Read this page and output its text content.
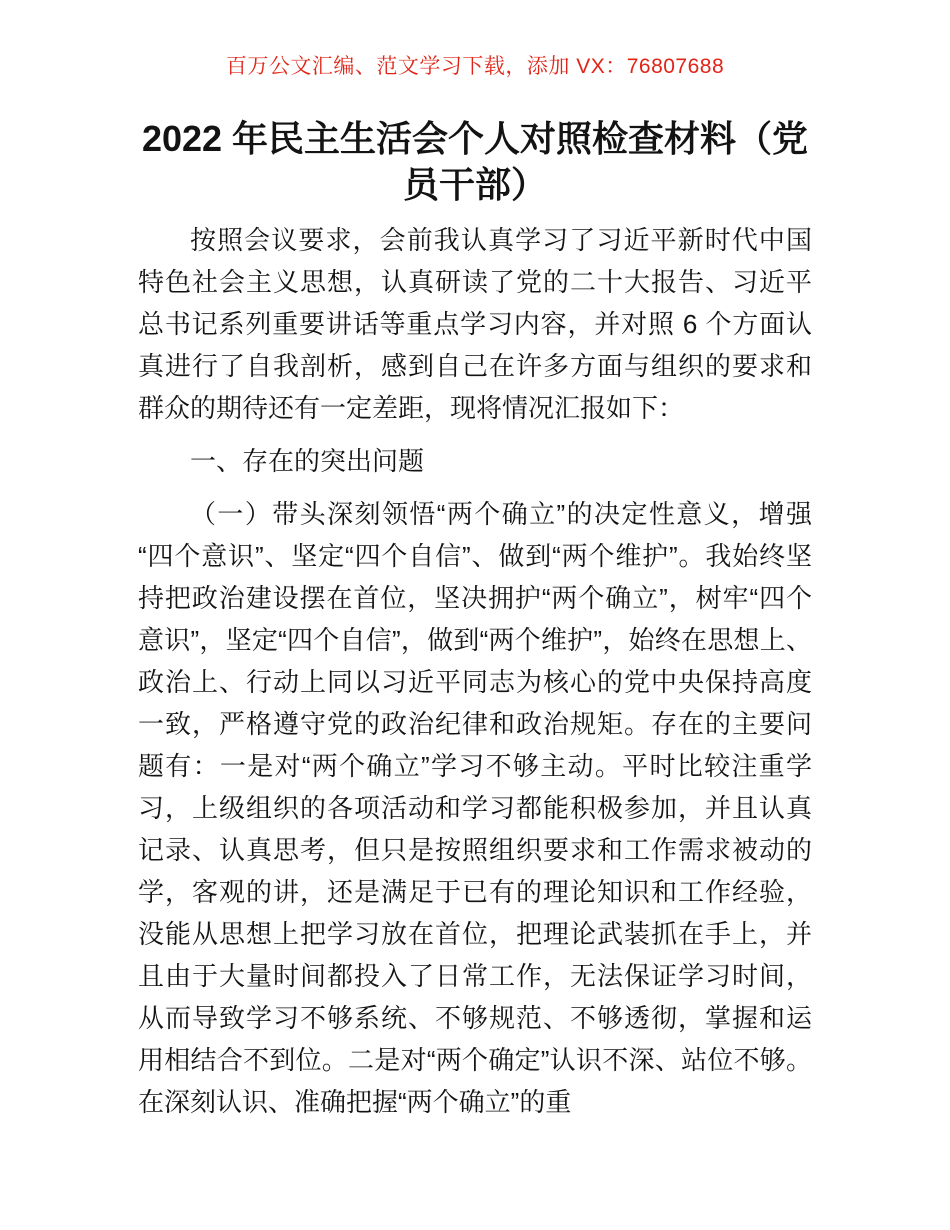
百万公文汇编、范文学习下载，添加 VX：76807688

2022 年民主生活会个人对照检查材料（党员干部）

按照会议要求，会前我认真学习了习近平新时代中国特色社会主义思想，认真研读了党的二十大报告、习近平总书记系列重要讲话等重点学习内容，并对照 6 个方面认真进行了自我剖析，感到自己在许多方面与组织的要求和群众的期待还有一定差距，现将情况汇报如下：

一、存在的突出问题

（一）带头深刻领悟“两个确立”的决定性意义，增强“四个意识”、坚定“四个自信”、做到“两个维护”。我始终坚持把政治建设摆在首位，坚决拥护“两个确立”，树牢“四个意识”，坚定“四个自信”，做到“两个维护”，始终在思想上、政治上、行动上同以习近平同志为核心的党中央保持高度一致，严格遵守党的政治纪律和政治规矩。存在的主要问题有：一是对“两个确立”学习不够主动。平时比较注重学习，上级组织的各项活动和学习都能积极参加，并且认真记录、认真思考，但只是按照组织要求和工作需求被动的学，客观的讲，还是满足于已有的理论知识和工作经验，没能从思想上把学习放在首位，把理论武装抓在手上，并且由于大量时间都投入了日常工作，无法保证学习时间，从而导致学习不够系统、不够规范、不够透彻，掌握和运用相结合不到位。二是对“两个确定”认识不深、站位不够。在深刻认识、准确把握“两个确立”的重
